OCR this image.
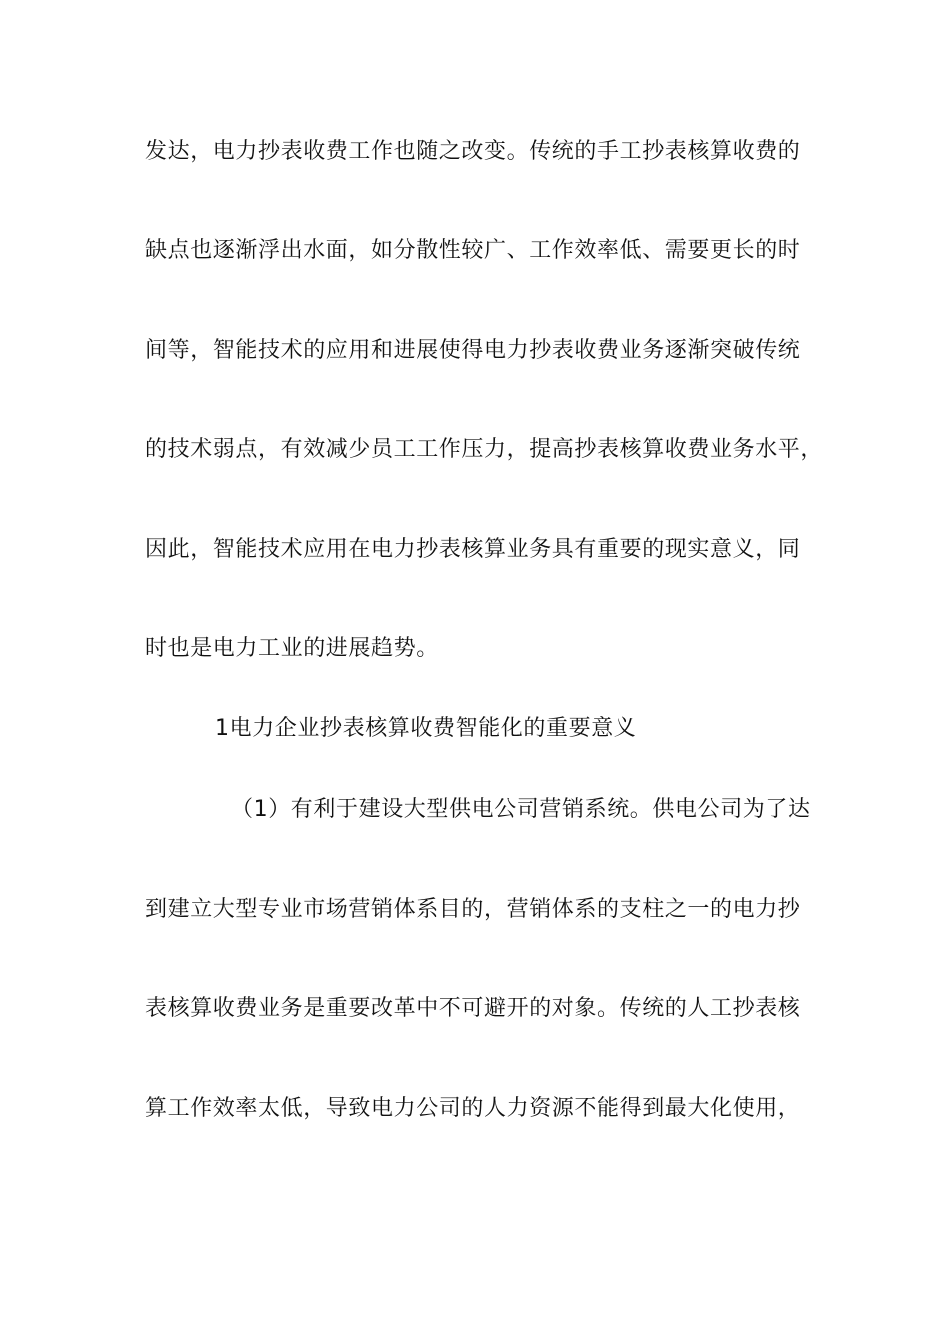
发达，电力抄表收费工作也随之改变。传统的手工抄表核算收费的
缺点也逐渐浮出水面，如分散性较广、工作效率低、需要更长的时
间等，智能技术的应用和进展使得电力抄表收费业务逐渐突破传统
的技术弱点，有效减少员工工作压力，提高抄表核算收费业务水平，
因此，智能技术应用在电力抄表核算业务具有重要的现实意义，同
时也是电力工业的进展趋势。
1电力企业抄表核算收费智能化的重要意义
（1）有利于建设大型供电公司营销系统。供电公司为了达
到建立大型专业市场营销体系目的，营销体系的支柱之一的电力抄
表核算收费业务是重要改革中不可避开的对象。传统的人工抄表核
算工作效率太低，导致电力公司的人力资源不能得到最大化使用，
